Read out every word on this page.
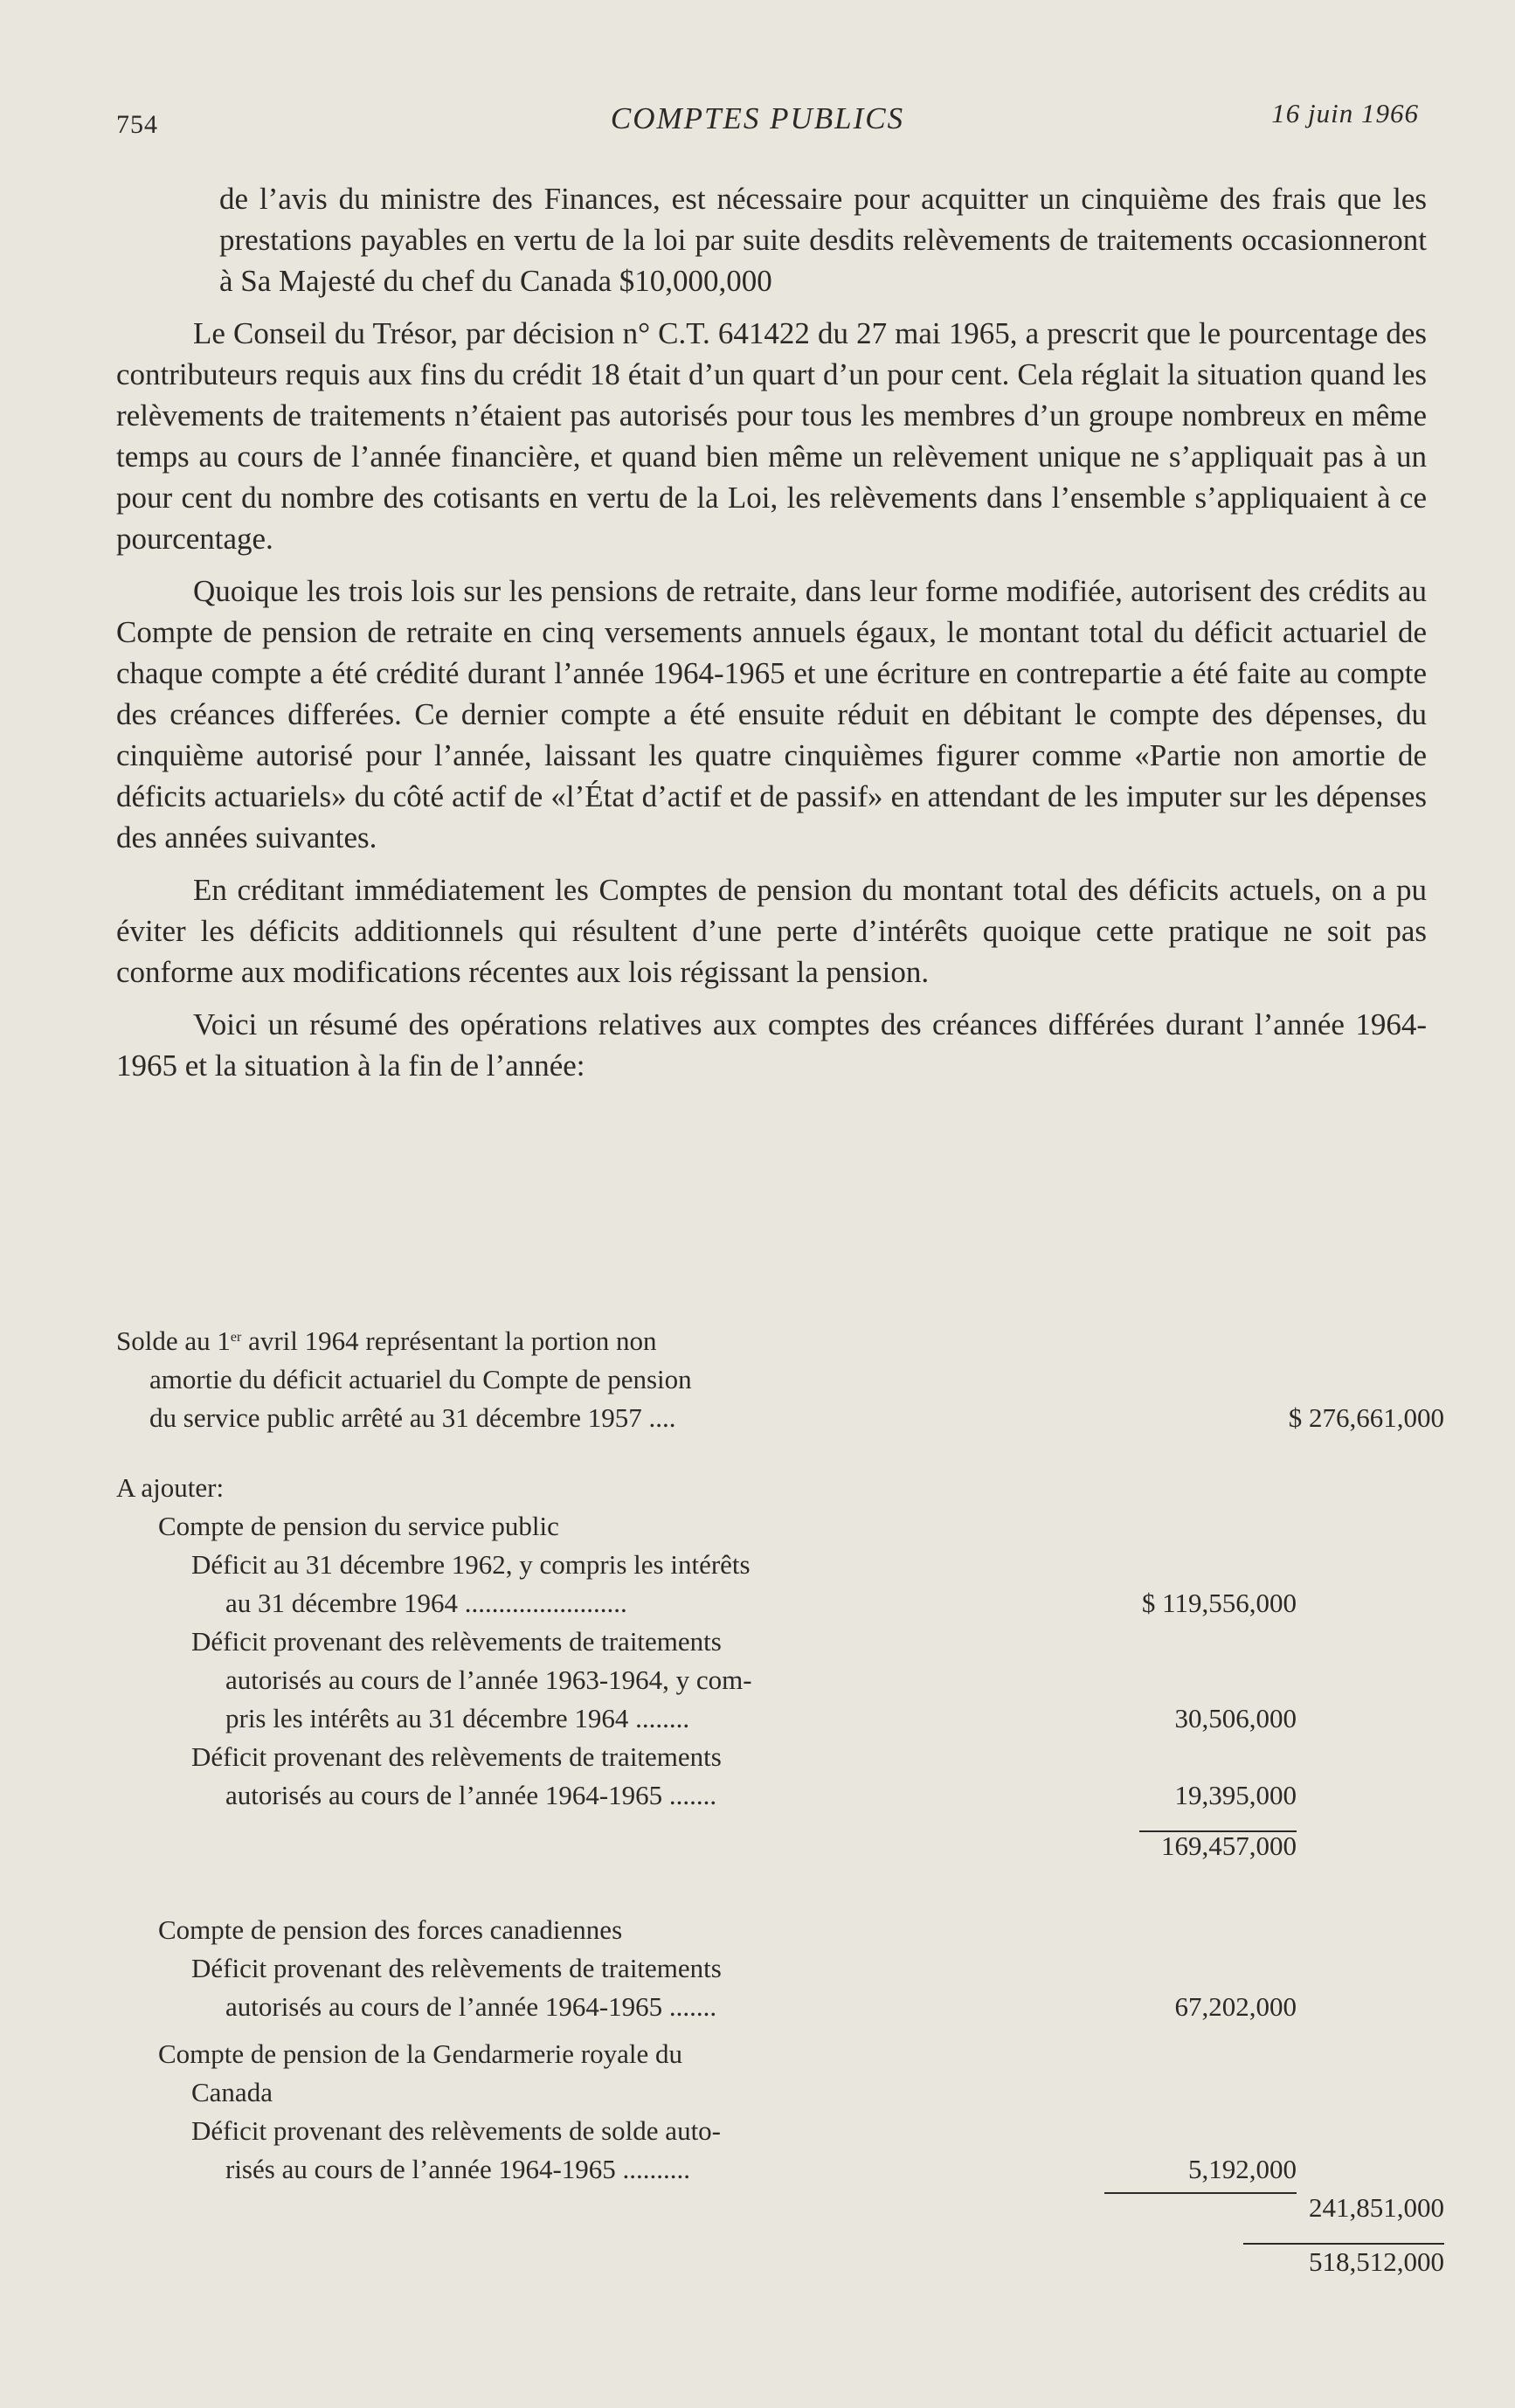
754	COMPTES PUBLICS	16 juin 1966

de l’avis du ministre des Finances, est nécessaire pour acquitter un cinquième des frais que les prestations payables en vertu de la loi par suite desdits relèvements de traitements occasionneront à Sa Majesté du chef du Canada $10,000,000

Le Conseil du Trésor, par décision n° C.T. 641422 du 27 mai 1965, a prescrit que le pourcentage des contributeurs requis aux fins du crédit 18 était d’un quart d’un pour cent. Cela réglait la situation quand les relèvements de traitements n’étaient pas autorisés pour tous les membres d’un groupe nombreux en même temps au cours de l’année financière, et quand bien même un relèvement unique ne s’appliquait pas à un pour cent du nombre des cotisants en vertu de la Loi, les relèvements dans l’ensemble s’appliquaient à ce pourcentage.

Quoique les trois lois sur les pensions de retraite, dans leur forme modifiée, autorisent des crédits au Compte de pension de retraite en cinq versements annuels égaux, le montant total du déficit actuariel de chaque compte a été crédité durant l’année 1964-1965 et une écriture en contrepartie a été faite au compte des créances differées. Ce dernier compte a été ensuite réduit en débitant le compte des dépenses, du cinquième autorisé pour l’année, laissant les quatre cinquièmes figurer comme «Partie non amortie de déficits actuariels» du côté actif de «l’État d’actif et de passif» en attendant de les imputer sur les dépenses des années suivantes.

En créditant immédiatement les Comptes de pension du montant total des déficits actuels, on a pu éviter les déficits additionnels qui résultent d’une perte d’intérêts quoique cette pratique ne soit pas conforme aux modifications récentes aux lois régissant la pension.

Voici un résumé des opérations relatives aux comptes des créances différées durant l’année 1964-1965 et la situation à la fin de l’année:

Solde au 1er avril 1964 représentant la portion non
amortie du déficit actuariel du Compte de pension
du service public arrêté au 31 décembre 1957 ....	$ 276,661,000
A ajouter:
Compte de pension du service public
Déficit au 31 décembre 1962, y compris les intérêts
au 31 décembre 1964 ........................	$ 119,556,000
Déficit provenant des relèvements de traitements
autorisés au cours de l’année 1963-1964, y com-
pris les intérêts au 31 décembre 1964 ........	30,506,000
Déficit provenant des relèvements de traitements
autorisés au cours de l’année 1964-1965 .......	19,395,000
169,457,000
Compte de pension des forces canadiennes
Déficit provenant des relèvements de traitements
autorisés au cours de l’année 1964-1965 .......	67,202,000
Compte de pension de la Gendarmerie royale du
Canada
Déficit provenant des relèvements de solde auto-
risés au cours de l’année 1964-1965 ..........	5,192,000
241,851,000
518,512,000
